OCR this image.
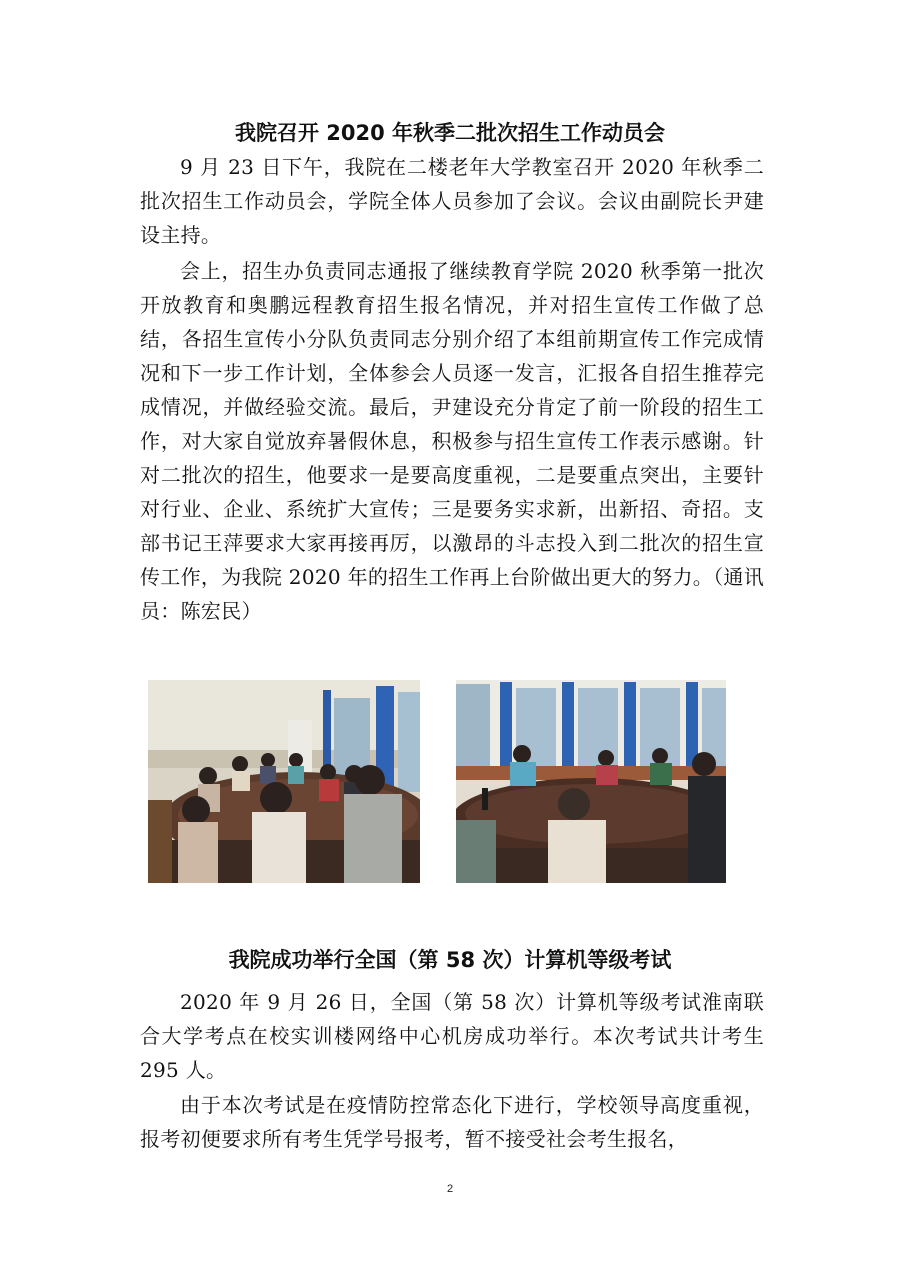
我院召开 2020 年秋季二批次招生工作动员会

9 月 23 日下午，我院在二楼老年大学教室召开 2020 年秋季二批次招生工作动员会，学院全体人员参加了会议。会议由副院长尹建设主持。

会上，招生办负责同志通报了继续教育学院 2020 秋季第一批次开放教育和奥鹏远程教育招生报名情况，并对招生宣传工作做了总结，各招生宣传小分队负责同志分别介绍了本组前期宣传工作完成情况和下一步工作计划，全体参会人员逐一发言，汇报各自招生推荐完成情况，并做经验交流。最后，尹建设充分肯定了前一阶段的招生工作，对大家自觉放弃暑假休息，积极参与招生宣传工作表示感谢。针对二批次的招生，他要求一是要高度重视，二是要重点突出，主要针对行业、企业、系统扩大宣传；三是要务实求新，出新招、奇招。支部书记王萍要求大家再接再厉，以激昂的斗志投入到二批次的招生宣传工作，为我院 2020 年的招生工作再上台阶做出更大的努力。（通讯员：陈宏民）

我院成功举行全国（第 58 次）计算机等级考试

2020 年 9 月 26 日，全国（第 58 次）计算机等级考试淮南联合大学考点在校实训楼网络中心机房成功举行。本次考试共计考生 295 人。

由于本次考试是在疫情防控常态化下进行，学校领导高度重视，报考初便要求所有考生凭学号报考，暂不接受社会考生报名，

2
